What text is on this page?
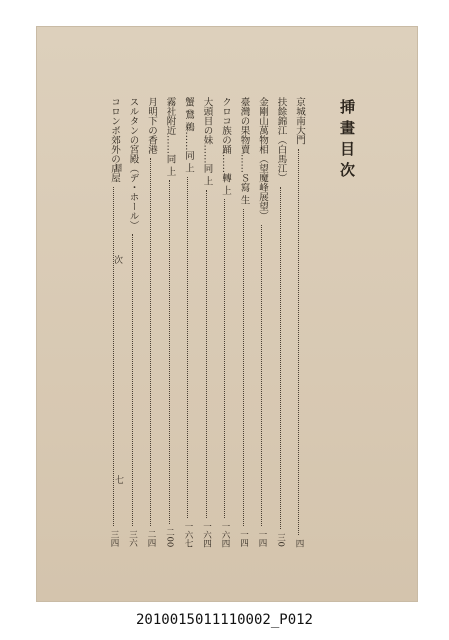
挿畫目次
京城南大門
四
扶餘錦江（白馬江）
三0
金剛山萬物相（望魔峰展望）
一四
臺灣の果物賣……Ｓ寫 生
一四
クロコ族の踊……轉 上
一六四
大頭目の妹……同 上
一六四
蟹 鵞 鵜……同 上
一六七
霧社附近……同 上
二00
月明下の香港
二四
スルタンの宮殿（デ・ホール）
三六
コロンボ郊外の店屋
三四
目 次
七
2010015011110002_P012
